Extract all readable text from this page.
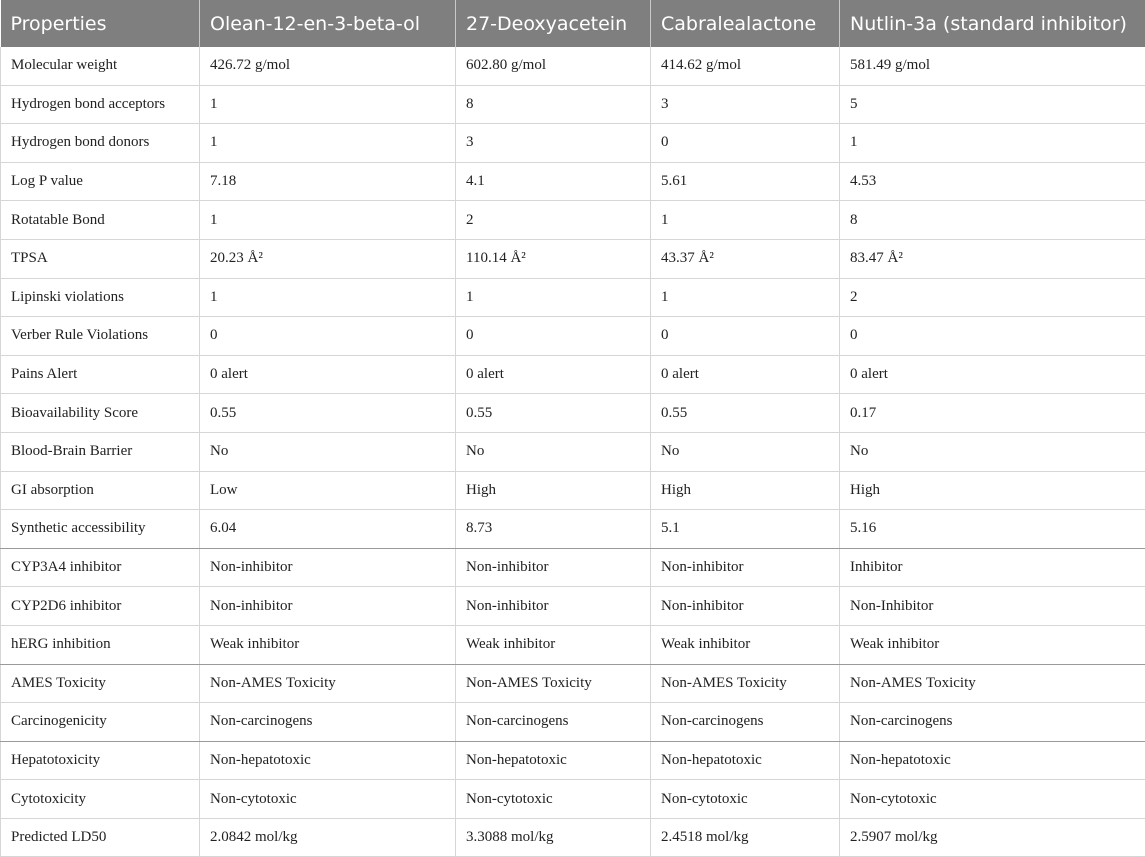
Properties	Olean-12-en-3-beta-ol	27-Deoxyacetein	Cabralealactone	Nutlin-3a (standard inhibitor)
Molecular weight	426.72 g/mol	602.80 g/mol	414.62 g/mol	581.49 g/mol
Hydrogen bond acceptors	1	8	3	5
Hydrogen bond donors	1	3	0	1
Log P value	7.18	4.1	5.61	4.53
Rotatable Bond	1	2	1	8
TPSA	20.23 Å²	110.14 Å²	43.37 Å²	83.47 Å²
Lipinski violations	1	1	1	2
Verber Rule Violations	0	0	0	0
Pains Alert	0 alert	0 alert	0 alert	0 alert
Bioavailability Score	0.55	0.55	0.55	0.17
Blood-Brain Barrier	No	No	No	No
GI absorption	Low	High	High	High
Synthetic accessibility	6.04	8.73	5.1	5.16
CYP3A4 inhibitor	Non-inhibitor	Non-inhibitor	Non-inhibitor	Inhibitor
CYP2D6 inhibitor	Non-inhibitor	Non-inhibitor	Non-inhibitor	Non-Inhibitor
hERG inhibition	Weak inhibitor	Weak inhibitor	Weak inhibitor	Weak inhibitor
AMES Toxicity	Non-AMES Toxicity	Non-AMES Toxicity	Non-AMES Toxicity	Non-AMES Toxicity
Carcinogenicity	Non-carcinogens	Non-carcinogens	Non-carcinogens	Non-carcinogens
Hepatotoxicity	Non-hepatotoxic	Non-hepatotoxic	Non-hepatotoxic	Non-hepatotoxic
Cytotoxicity	Non-cytotoxic	Non-cytotoxic	Non-cytotoxic	Non-cytotoxic
Predicted LD50	2.0842 mol/kg	3.3088 mol/kg	2.4518 mol/kg	2.5907 mol/kg
